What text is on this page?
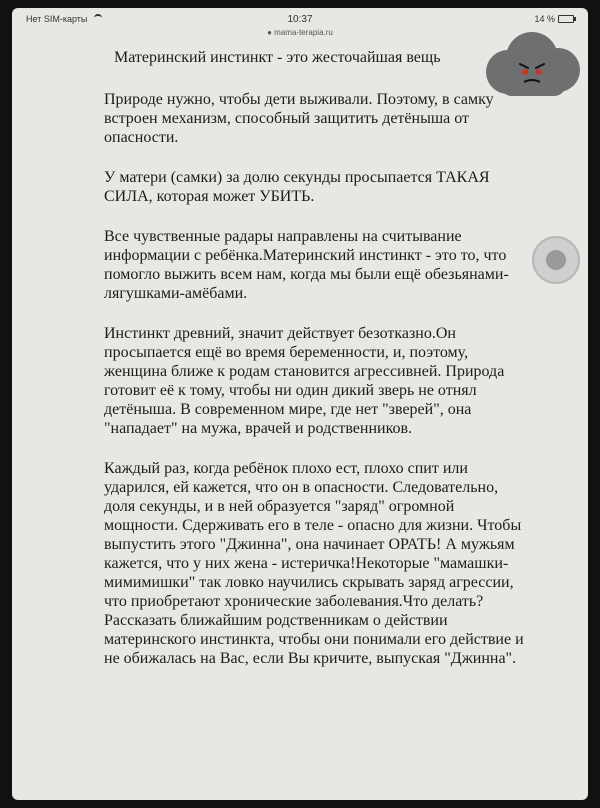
Нет SIM-карты	10:37
● mama-terapia.ru
14 %
Материнский инстинкт - это жесточайшая вещь

Природе нужно, чтобы дети выживали. Поэтому, в самку встроен механизм, способный защитить детёныша от опасности.

У матери (самки) за долю секунды просыпается ТАКАЯ СИЛА, которая может УБИТЬ.

Все чувственные радары направлены на считывание информации с ребёнка.Материнский инстинкт - это то, что помогло выжить всем нам, когда мы были ещё обезьянами-лягушками-амёбами.

Инстинкт древний, значит действует безотказно.Он просыпается ещё во время беременности, и, поэтому, женщина ближе к родам становится агрессивней. Природа готовит её к тому, чтобы ни один дикий зверь не отнял детёныша. В современном мире, где нет "зверей", она "нападает" на мужа, врачей и родственников.

Каждый раз, когда ребёнок плохо ест, плохо спит или ударился, ей кажется, что он в опасности. Следовательно, доля секунды, и в ней образуется "заряд" огромной мощности. Сдерживать его в теле - опасно для жизни. Чтобы выпустить этого "Джинна", она начинает ОРАТЬ! А мужьям кажется, что у них жена - истеричка!Некоторые "мамашки-мимимишки" так ловко научились скрывать заряд агрессии, что приобретают хронические заболевания.Что делать? Рассказать ближайшим родственникам о действии материнского инстинкта, чтобы они понимали его действие и не обижалась на Вас, если Вы кричите, выпуская "Джинна".
